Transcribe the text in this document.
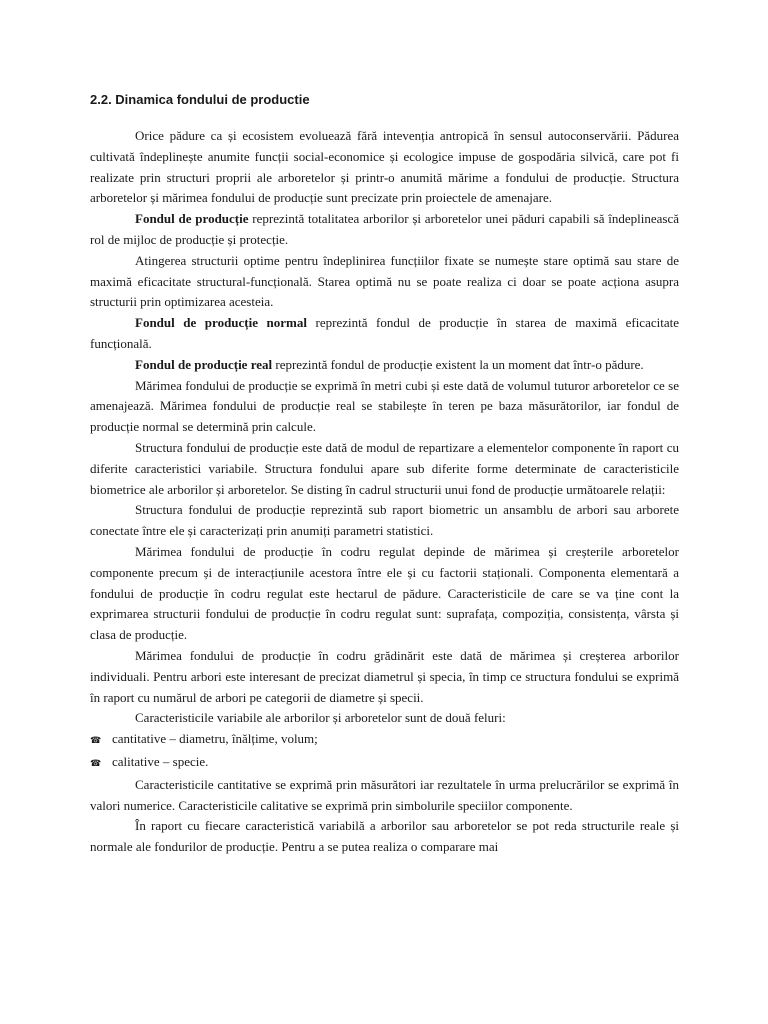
2.2. Dinamica fondului de productie

Orice pădure ca și ecosistem evoluează fără intevenția antropică în sensul autoconservării. Pădurea cultivată îndeplinește anumite funcții social-economice și ecologice impuse de gospodăria silvică, care pot fi realizate prin structuri proprii ale arboretelor și printr-o anumită mărime a fondului de producție. Structura arboretelor și mărimea fondului de producție sunt precizate prin proiectele de amenajare.

Fondul de producție reprezintă totalitatea arborilor și arboretelor unei păduri capabili să îndeplinească rol de mijloc de producție și protecție.

Atingerea structurii optime pentru îndeplinirea funcțiilor fixate se numește stare optimă sau stare de maximă eficacitate structural-funcțională. Starea optimă nu se poate realiza ci doar se poate acționa asupra structurii prin optimizarea acesteia.

Fondul de producție normal reprezintă fondul de producție în starea de maximă eficacitate funcțională.

Fondul de producție real reprezintă fondul de producție existent la un moment dat într-o pădure.

Mărimea fondului de producție se exprimă în metri cubi și este dată de volumul tuturor arboretelor ce se amenajează. Mărimea fondului de producție real se stabilește în teren pe baza măsurătorilor, iar fondul de producție normal se determină prin calcule.

Structura fondului de producție este dată de modul de repartizare a elementelor componente în raport cu diferite caracteristici variabile. Structura fondului apare sub diferite forme determinate de caracteristicile biometrice ale arborilor și arboretelor. Se disting în cadrul structurii unui fond de producție următoarele relații:

Structura fondului de producție reprezintă sub raport biometric un ansamblu de arbori sau arborete conectate între ele și caracterizați prin anumiți parametri statistici.

Mărimea fondului de producție în codru regulat depinde de mărimea și creșterile arboretelor componente precum și de interacțiunile acestora între ele și cu factorii staționali. Componenta elementară a fondului de producție în codru regulat este hectarul de pădure. Caracteristicile de care se va ține cont la exprimarea structurii fondului de producție în codru regulat sunt: suprafața, compoziția, consistența, vârsta și clasa de producție.

Mărimea fondului de producție în codru grădinărit este dată de mărimea și creșterea arborilor individuali. Pentru arbori este interesant de precizat diametrul și specia, în timp ce structura fondului se exprimă în raport cu numărul de arbori pe categorii de diametre și specii.

Caracteristicile variabile ale arborilor și arboretelor sunt de două feluri:

☎ cantitative – diametru, înălțime, volum;
☎ calitative – specie.

Caracteristicile cantitative se exprimă prin măsurători iar rezultatele în urma prelucrărilor se exprimă în valori numerice. Caracteristicile calitative se exprimă prin simbolurile speciilor componente.

În raport cu fiecare caracteristică variabilă a arborilor sau arboretelor se pot reda structurile reale și normale ale fondurilor de producție. Pentru a se putea realiza o comparare mai
